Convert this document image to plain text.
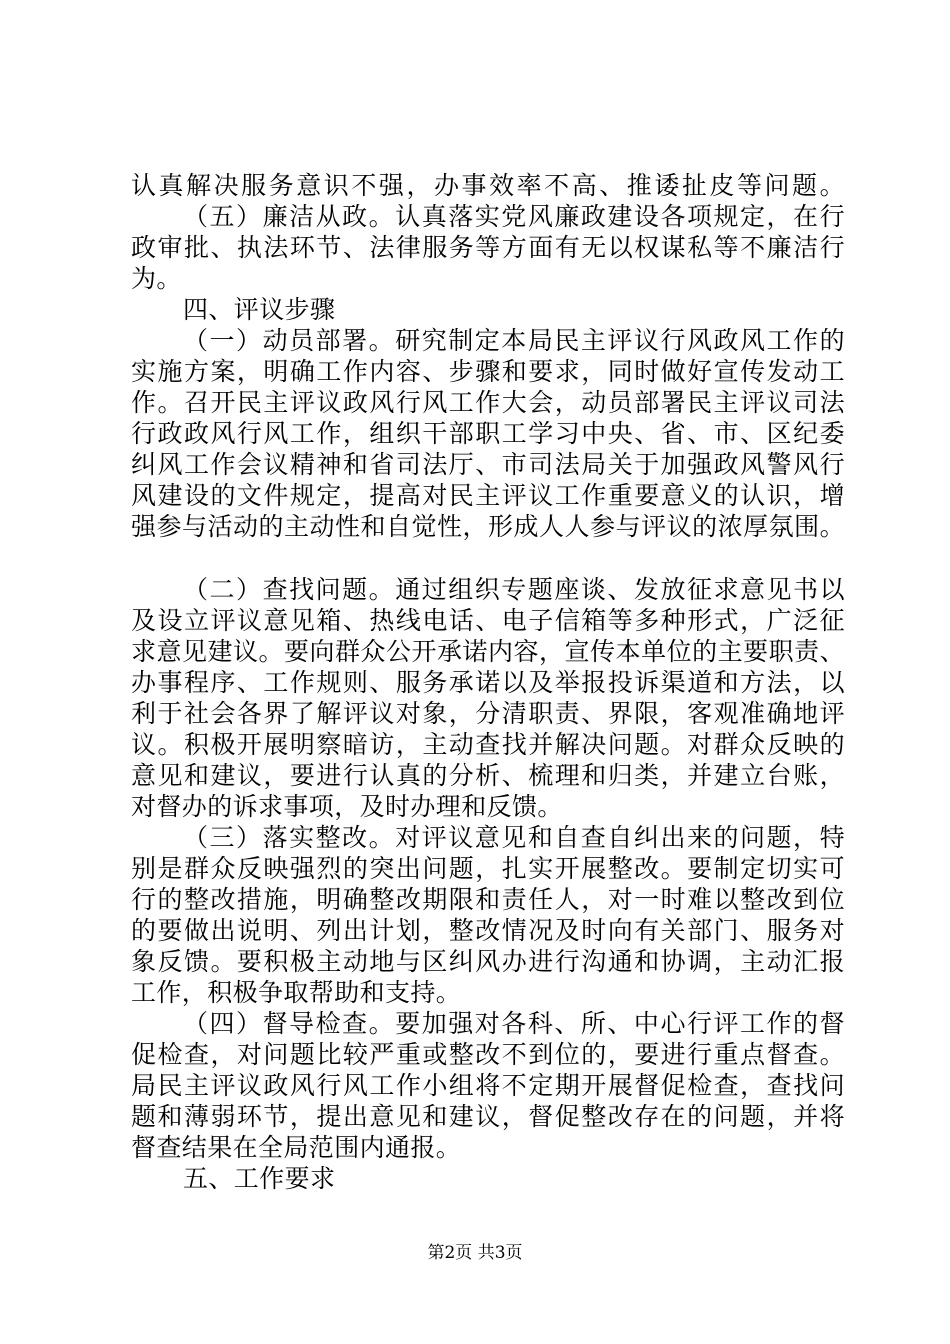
认真解决服务意识不强，办事效率不高、推诿扯皮等问题。
（五）廉洁从政。认真落实党风廉政建设各项规定，在行
政审批、执法环节、法律服务等方面有无以权谋私等不廉洁行
为。
四、评议步骤
（一）动员部署。研究制定本局民主评议行风政风工作的
实施方案，明确工作内容、步骤和要求，同时做好宣传发动工
作。召开民主评议政风行风工作大会，动员部署民主评议司法
行政政风行风工作，组织干部职工学习中央、省、市、区纪委
纠风工作会议精神和省司法厅、市司法局关于加强政风警风行
风建设的文件规定，提高对民主评议工作重要意义的认识，增
强参与活动的主动性和自觉性，形成人人参与评议的浓厚氛围。
（二）查找问题。通过组织专题座谈、发放征求意见书以
及设立评议意见箱、热线电话、电子信箱等多种形式，广泛征
求意见建议。要向群众公开承诺内容，宣传本单位的主要职责、
办事程序、工作规则、服务承诺以及举报投诉渠道和方法，以
利于社会各界了解评议对象，分清职责、界限，客观准确地评
议。积极开展明察暗访，主动查找并解决问题。对群众反映的
意见和建议，要进行认真的分析、梳理和归类，并建立台账，
对督办的诉求事项，及时办理和反馈。
（三）落实整改。对评议意见和自查自纠出来的问题，特
别是群众反映强烈的突出问题，扎实开展整改。要制定切实可
行的整改措施，明确整改期限和责任人，对一时难以整改到位
的要做出说明、列出计划，整改情况及时向有关部门、服务对
象反馈。要积极主动地与区纠风办进行沟通和协调，主动汇报
工作，积极争取帮助和支持。
（四）督导检查。要加强对各科、所、中心行评工作的督
促检查，对问题比较严重或整改不到位的，要进行重点督查。
局民主评议政风行风工作小组将不定期开展督促检查，查找问
题和薄弱环节，提出意见和建议，督促整改存在的问题，并将
督查结果在全局范围内通报。
五、工作要求
第2页 共3页
